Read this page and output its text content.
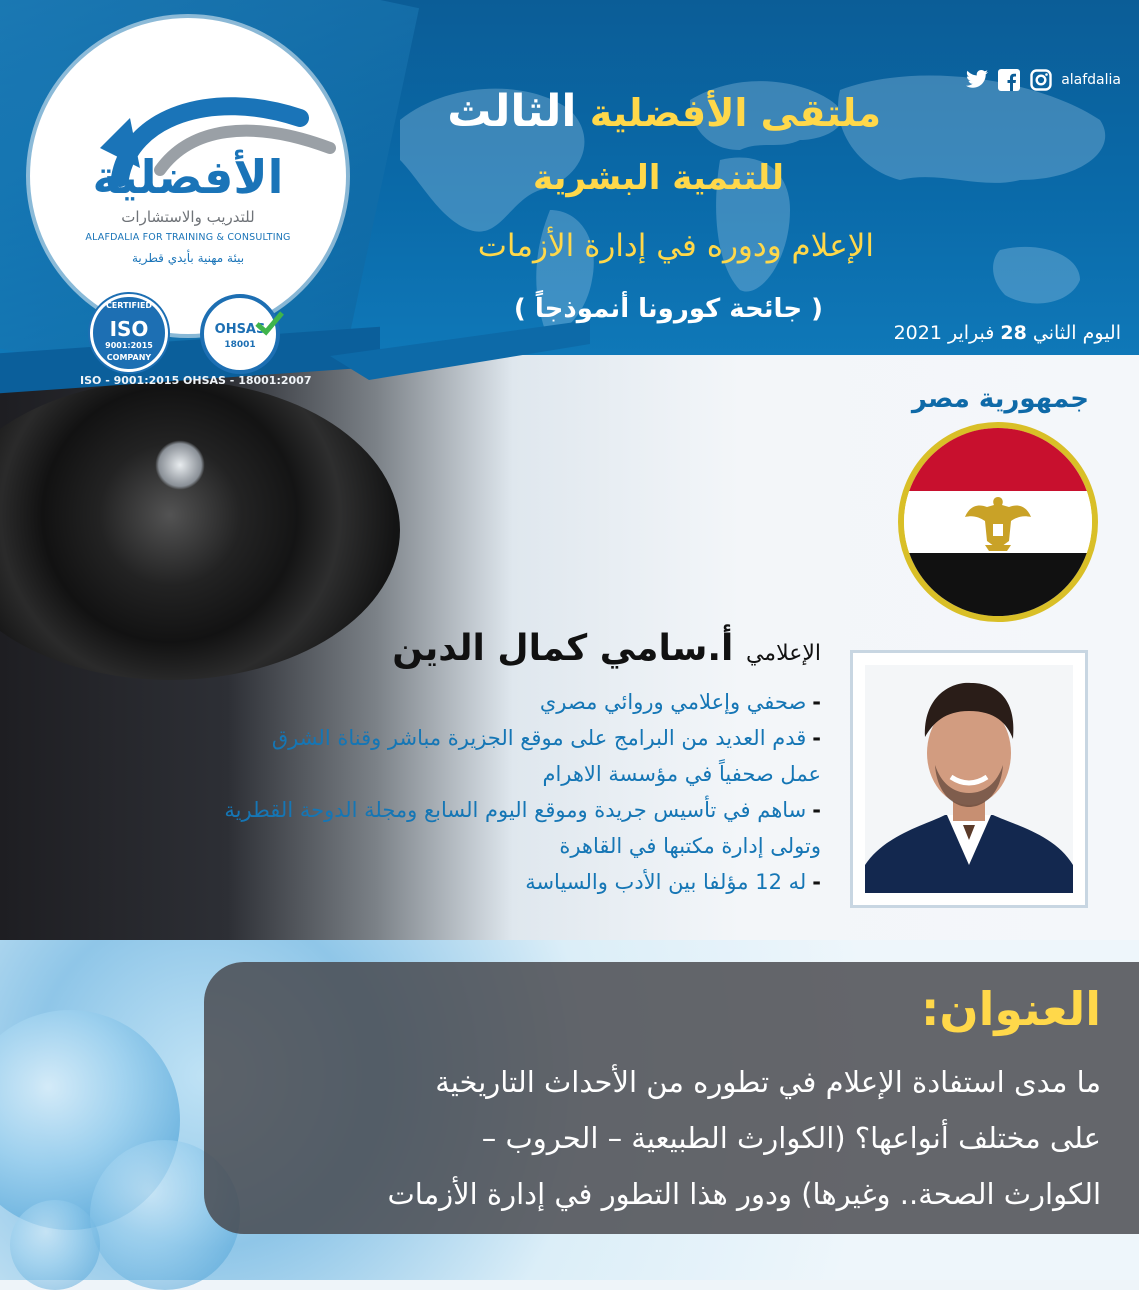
الأفضلية
للتدريب والاستشارات
ALAFDALIA FOR TRAINING & CONSULTING
بيئة مهنية بأيدي قطرية
CERTIFIED
ISO
9001:2015
COMPANY
OHSAS
18001
ISO - 9001:2015 OHSAS - 18001:2007
alafdalia
ملتقى الأفضلية الثالث
للتنمية البشرية
الإعلام ودوره في إدارة الأزمات
( جائحة كورونا أنموذجاً )
اليوم الثاني 28 فبراير 2021
جمهورية مصر
الإعلامي أ.سامي كمال الدين
-صحفي وإعلامي وروائي مصري
-قدم العديد من البرامج على موقع الجزيرة مباشر وقناة الشرق
عمل صحفياً في مؤسسة الاهرام
-ساهم في تأسيس جريدة وموقع اليوم السابع ومجلة الدوحة القطرية
وتولى إدارة مكتبها في القاهرة
-له 12 مؤلفا بين الأدب والسياسة
العنوان:
ما مدى استفادة الإعلام في تطوره من الأحداث التاريخية
على مختلف أنواعها؟ (الكوارث الطبيعية – الحروب –
الكوارث الصحة.. وغيرها) ودور هذا التطور في إدارة الأزمات
